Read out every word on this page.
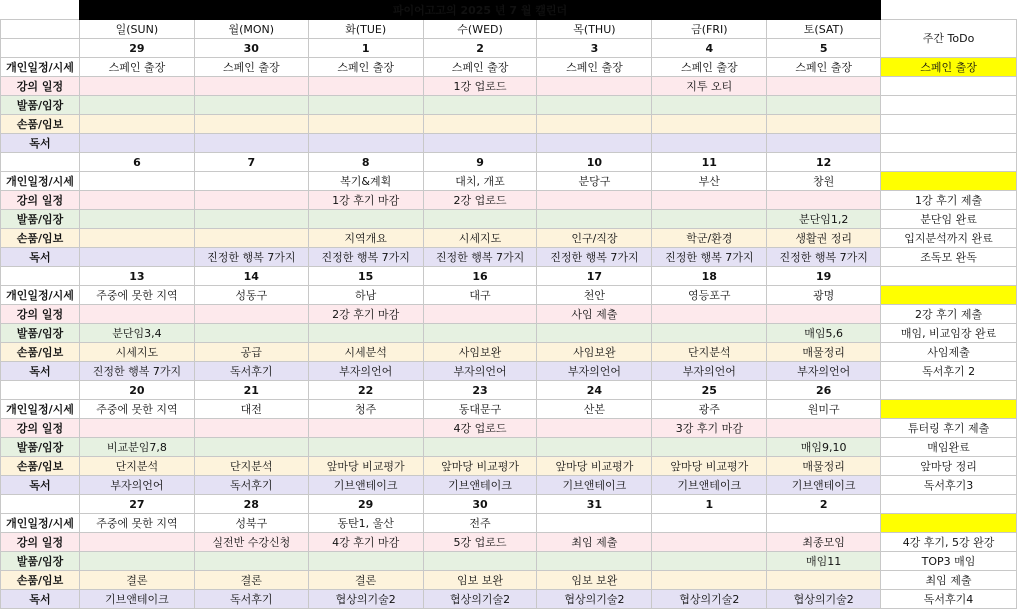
	파이어고고의 2025 년 7 월 캘린더							
	일(SUN)	월(MON)	화(TUE)	수(WED)	목(THU)	금(FRI)	토(SAT)	주간 ToDo
	29	30	1	2	3	4	5	
개인일정/시세	스페인 출장	스페인 출장	스페인 출장	스페인 출장	스페인 출장	스페인 출장	스페인 출장	스페인 출장
강의 일정				1강 업로드		지투 오티		
발품/임장								
손품/임보								
독서								
	6	7	8	9	10	11	12	
개인일정/시세			복기&계획	대치, 개포	분당구	부산	창원	
강의 일정			1강 후기 마감	2강 업로드				1강 후기 제출
발품/임장							분단임1,2	분단임 완료
손품/임보			지역개요	시세지도	인구/직장	학군/환경	생활권 정리	입지분석까지 완료
독서		진정한 행복 7가지	진정한 행복 7가지	진정한 행복 7가지	진정한 행복 7가지	진정한 행복 7가지	진정한 행복 7가지	조독모 완독
	13	14	15	16	17	18	19	
개인일정/시세	주중에 못한 지역	성동구	하남	대구	천안	영등포구	광명	
강의 일정			2강 후기 마감		사임 제출			2강 후기 제출
발품/임장	분단임3,4						매임5,6	매임, 비교임장 완료
손품/임보	시세지도	공급	시세분석	사임보완	사임보완	단지분석	매물정리	사임제출
독서	진정한 행복 7가지	독서후기	부자의언어	부자의언어	부자의언어	부자의언어	부자의언어	독서후기 2
	20	21	22	23	24	25	26	
개인일정/시세	주중에 못한 지역	대전	청주	동대문구	산본	광주	원미구	
강의 일정				4강 업로드		3강 후기 마감		튜터링 후기 제출
발품/임장	비교분임7,8						매임9,10	매임완료
손품/임보	단지분석	단지분석	앞마당 비교평가	앞마당 비교평가	앞마당 비교평가	앞마당 비교평가	매물정리	앞마당 정리
독서	부자의언어	독서후기	기브앤테이크	기브앤테이크	기브앤테이크	기브앤테이크	기브앤테이크	독서후기3
	27	28	29	30	31	1	2	
개인일정/시세	주중에 못한 지역	성북구	동탄1, 울산	전주				
강의 일정		실전반 수강신청	4강 후기 마감	5강 업로드	최임 제출		최종모임	4강 후기, 5강 완강
발품/임장							매임11	TOP3 매임
손품/임보	결론	결론	결론	임보 보완	임보 보완			최임 제출
독서	기브앤테이크	독서후기	협상의기술2	협상의기술2	협상의기술2	협상의기술2	협상의기술2	독서후기4
